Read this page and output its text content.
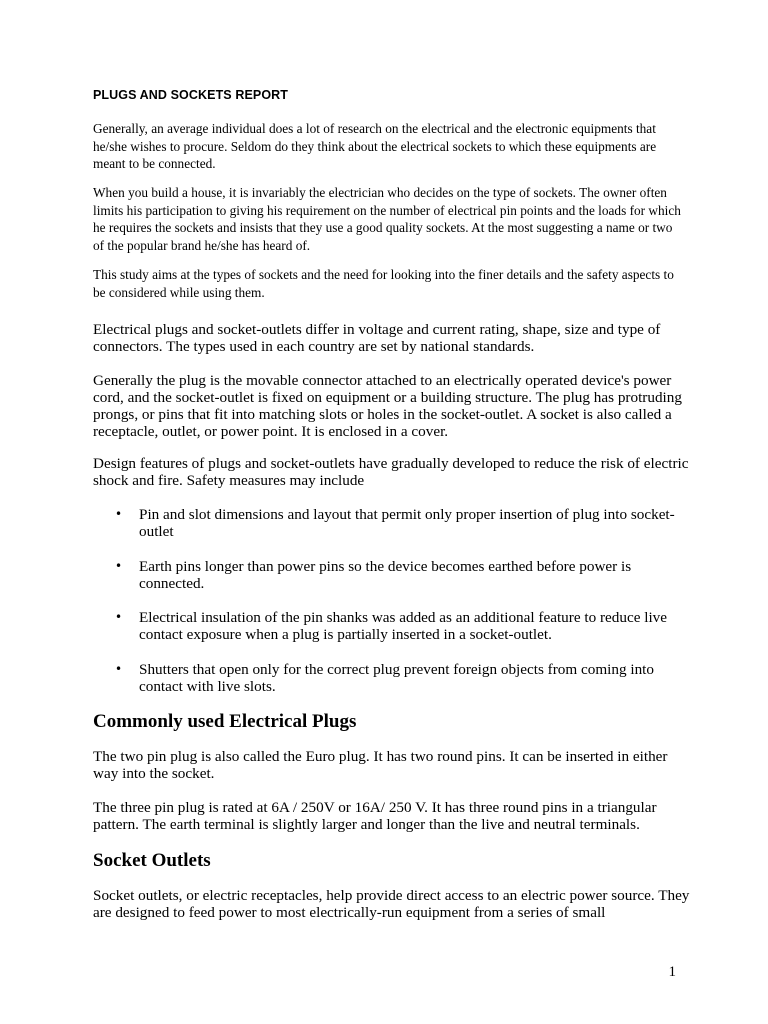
PLUGS AND SOCKETS REPORT

Generally, an average individual does a lot of research on the electrical and the electronic equipments that he/she wishes to procure. Seldom do they think about the electrical sockets to which these equipments are meant to be connected.

When you build a house, it is invariably the electrician who decides on the type of sockets. The owner often limits his participation to giving his requirement on the number of electrical pin points and the loads for which he requires the sockets and insists that they use a good quality sockets. At the most suggesting a name or two of the popular brand he/she has heard of.

This study aims at the types of sockets and the need for looking into the finer details and the safety aspects to be considered while using them.

Electrical plugs and socket-outlets differ in voltage and current rating, shape, size and type of connectors. The types used in each country are set by national standards.

Generally the plug is the movable connector attached to an electrically operated device's power cord, and the socket-outlet is fixed on equipment or a building structure. The plug has protruding prongs, or pins that fit into matching slots or holes in the socket-outlet. A socket is also called a receptacle, outlet, or power point. It is enclosed in a cover.

Design features of plugs and socket-outlets have gradually developed to reduce the risk of electric shock and fire. Safety measures may include

• Pin and slot dimensions and layout that permit only proper insertion of plug into socket-outlet
• Earth pins longer than power pins so the device becomes earthed before power is connected.
• Electrical insulation of the pin shanks was added as an additional feature to reduce live contact exposure when a plug is partially inserted in a socket-outlet.
• Shutters that open only for the correct plug prevent foreign objects from coming into contact with live slots.
Commonly used Electrical Plugs

The two pin plug is also called the Euro plug. It has two round pins. It can be inserted in either way into the socket.

The three pin plug is rated at 6A / 250V or 16A/ 250 V. It has three round pins in a triangular pattern. The earth terminal is slightly larger and longer than the live and neutral terminals.

Socket Outlets

Socket outlets, or electric receptacles, help provide direct access to an electric power source. They are designed to feed power to most electrically-run equipment from a series of small

1
